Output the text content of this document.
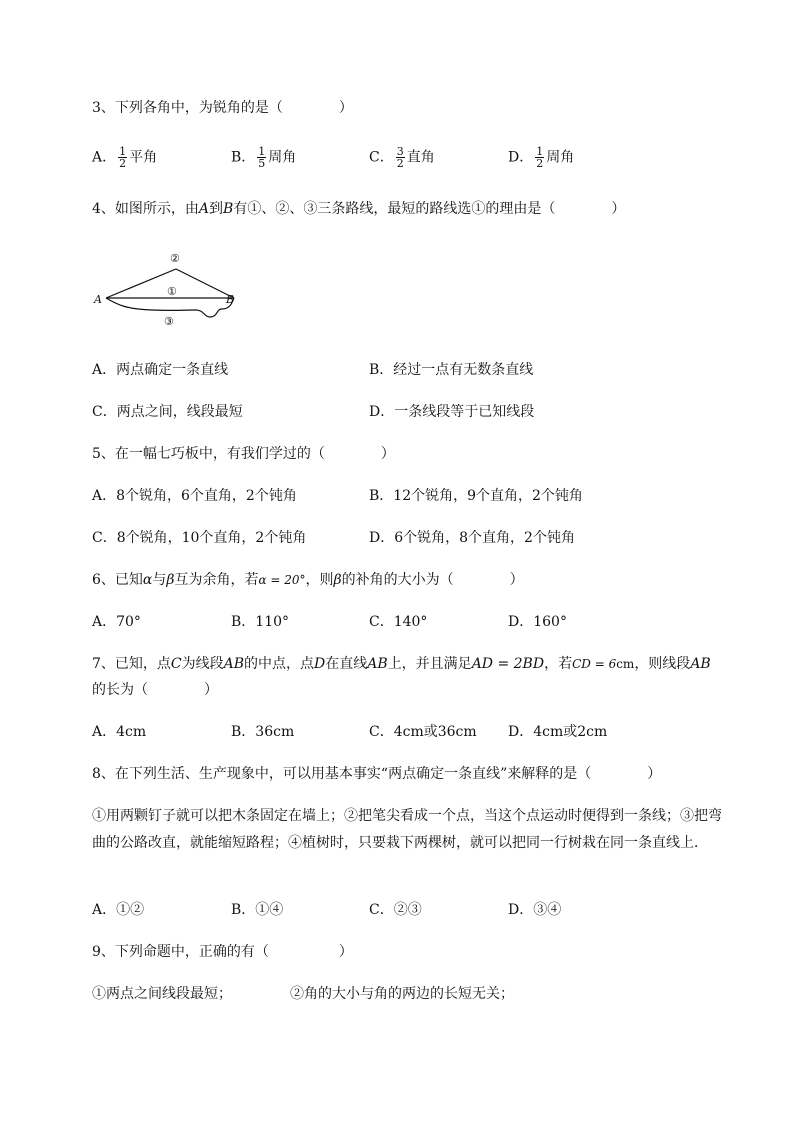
3、下列各角中，为锐角的是（　　　　）
A． $\frac{1}{2}$ 平角	B． $\frac{1}{5}$ 周角	C． $\frac{3}{2}$ 直角	D． $\frac{1}{2}$ 周角
4、如图所示，由A到B有①、②、③三条路线，最短的路线选①的理由是（　　　　）
A	B
②
①
③
A．两点确定一条直线	B．经过一点有无数条直线
C．两点之间，线段最短	D．一条线段等于已知线段
5、在一幅七巧板中，有我们学过的（　　　　）
A．8个锐角，6个直角，2个钝角	B．12个锐角，9个直角，2个钝角
C．8个锐角，10个直角，2个钝角	D．6个锐角，8个直角，2个钝角
6、已知α与β互为余角，若α = 20°，则β的补角的大小为（　　　　）
A．70°	B．110°	C．140°	D．160°
7、已知，点C为线段AB的中点，点D在直线AB上，并且满足AD = 2BD，若CD = 6cm，则线段AB
的长为（　　　　）
A．4cm	B．36cm	C．4cm或36cm D．4cm或2cm
8、在下列生活、生产现象中，可以用基本事实“两点确定一条直线”来解释的是（　　　　）
①用两颗钉子就可以把木条固定在墙上；②把笔尖看成一个点，当这个点运动时便得到一条线；③把弯曲的公路改直，就能缩短路程；④植树时，只要栽下两棵树，就可以把同一行树栽在同一条直线上．
A．①②	B．①④	C．②③	D．③④
9、下列命题中，正确的有（　　　　　）
①两点之间线段最短；	②角的大小与角的两边的长短无关；
